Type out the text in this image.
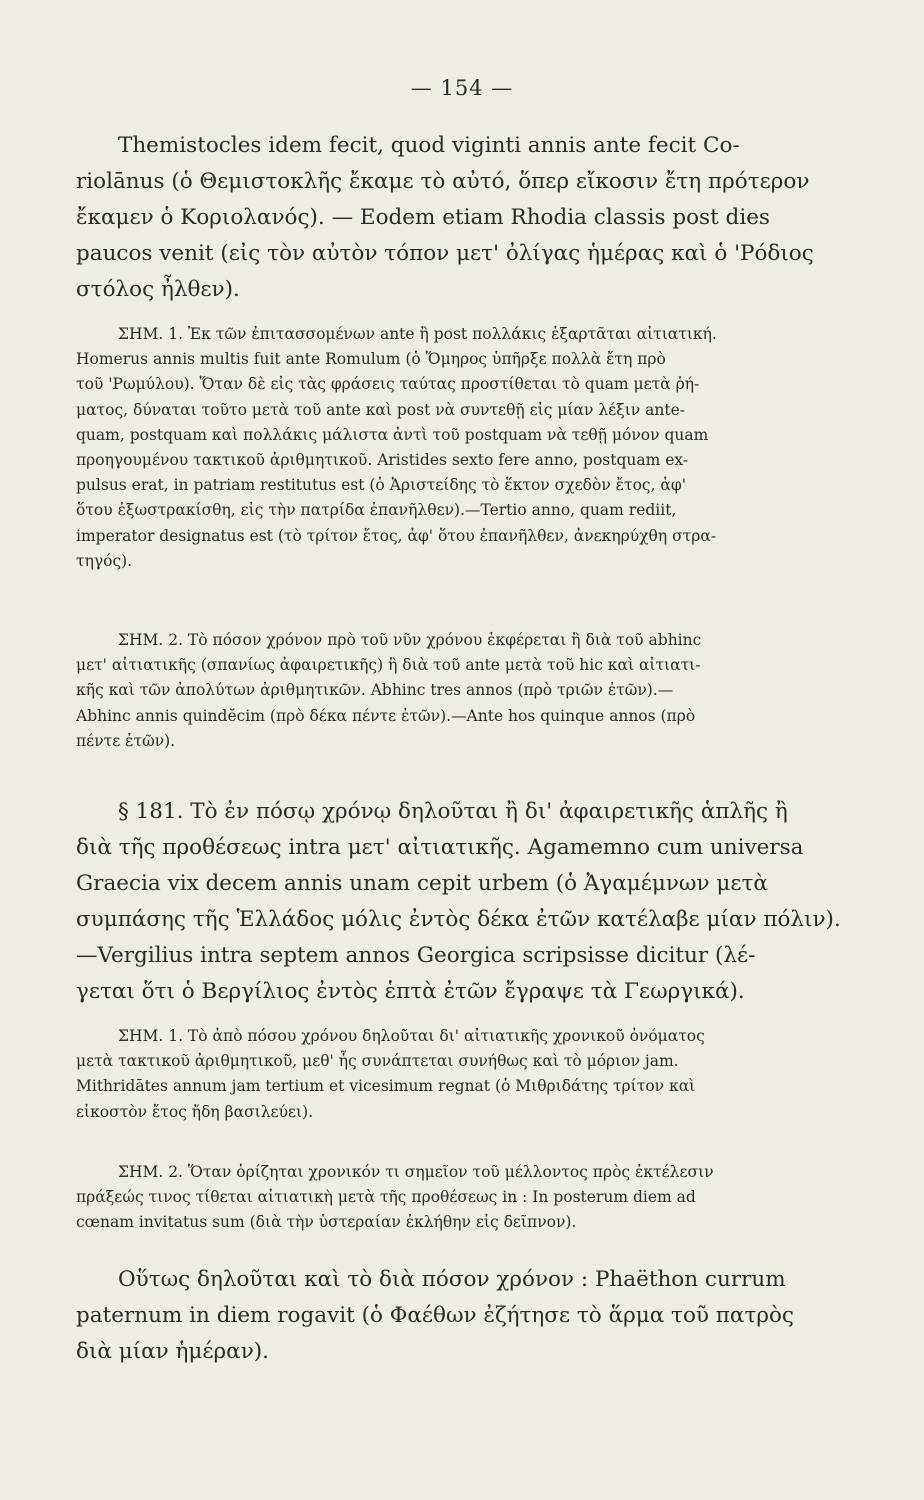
— 154 —
Themistocles idem fecit, quod viginti annis ante fecit Co-
riolānus (ὁ Θεμιστοκλῆς ἔκαμε τὸ αὐτό, ὅπερ εἴκοσιν ἔτη πρότερον
ἔκαμεν ὁ Κοριολανός). — Eodem etiam Rhodia classis post dies
paucos venit (εἰς τὸν αὐτὸν τόπον μετ' ὀλίγας ἡμέρας καὶ ὁ 'Ρόδιος
στόλος ἦλθεν).
ΣΗΜ. 1. Ἐκ τῶν ἐπιτασσομένων ante ἢ post πολλάκις ἐξαρτᾶται αἰτιατική.
Homerus annis multis fuit ante Romulum (ὁ Ὅμηρος ὑπῆρξε πολλὰ ἔτη πρὸ
τοῦ 'Ρωμύλου). Ὅταν δὲ εἰς τὰς φράσεις ταύτας προστίθεται τὸ quam μετὰ ῥή-
ματος, δύναται τοῦτο μετὰ τοῦ ante καὶ post νὰ συντεθῇ εἰς μίαν λέξιν ante-
quam, postquam καὶ πολλάκις μάλιστα ἀντὶ τοῦ postquam νὰ τεθῇ μόνον quam
προηγουμένου τακτικοῦ ἀριθμητικοῦ. Aristides sexto fere anno, postquam ex-
pulsus erat, in patriam restitutus est (ὁ Ἀριστείδης τὸ ἕκτον σχεδὸν ἔτος, ἀφ'
ὅτου ἐξωστρακίσθη, εἰς τὴν πατρίδα ἐπανῆλθεν).—Tertio anno, quam rediit,
imperator designatus est (τὸ τρίτον ἔτος, ἀφ' ὅτου ἐπανῆλθεν, ἀνεκηρύχθη στρα-
τηγός).
ΣΗΜ. 2. Τὸ πόσον χρόνον πρὸ τοῦ νῦν χρόνου ἐκφέρεται ἢ διὰ τοῦ abhinc
μετ' αἰτιατικῆς (σπανίως ἀφαιρετικῆς) ἢ διὰ τοῦ ante μετὰ τοῦ hic καὶ αἰτιατι-
κῆς καὶ τῶν ἀπολύτων ἀριθμητικῶν. Abhinc tres annos (πρὸ τριῶν ἐτῶν).—
Abhinc annis quindĕcim (πρὸ δέκα πέντε ἐτῶν).—Ante hos quinque annos (πρὸ
πέντε ἐτῶν).
§ 181. Τὸ ἐν πόσῳ χρόνῳ δηλοῦται ἢ δι' ἀφαιρετικῆς ἁπλῆς ἢ
διὰ τῆς προθέσεως intra μετ' αἰτιατικῆς. Agamemno cum universa
Graecia vix decem annis unam cepit urbem (ὁ Ἀγαμέμνων μετὰ
συμπάσης τῆς Ἑλλάδος μόλις ἐντὸς δέκα ἐτῶν κατέλαβε μίαν πόλιν).
—Vergilius intra septem annos Georgica scripsisse dicitur (λέ-
γεται ὅτι ὁ Βεργίλιος ἐντὸς ἑπτὰ ἐτῶν ἔγραψε τὰ Γεωργικά).
ΣΗΜ. 1. Τὸ ἀπὸ πόσου χρόνου δηλοῦται δι' αἰτιατικῆς χρονικοῦ ὀνόματος
μετὰ τακτικοῦ ἀριθμητικοῦ, μεθ' ἧς συνάπτεται συνήθως καὶ τὸ μόριον jam.
Mithridātes annum jam tertium et vicesimum regnat (ὁ Μιθριδάτης τρίτον καὶ
εἰκοστὸν ἔτος ἤδη βασιλεύει).
ΣΗΜ. 2. Ὅταν ὁρίζηται χρονικόν τι σημεῖον τοῦ μέλλοντος πρὸς ἐκτέλεσιν
πράξεώς τινος τίθεται αἰτιατικὴ μετὰ τῆς προθέσεως in : In posterum diem ad
cœnam invitatus sum (διὰ τὴν ὑστεραίαν ἐκλήθην εἰς δεῖπνον).
Οὕτως δηλοῦται καὶ τὸ διὰ πόσον χρόνον : Phaëthon currum
paternum in diem rogavit (ὁ Φαέθων ἐζήτησε τὸ ἅρμα τοῦ πατρὸς
διὰ μίαν ἡμέραν).
